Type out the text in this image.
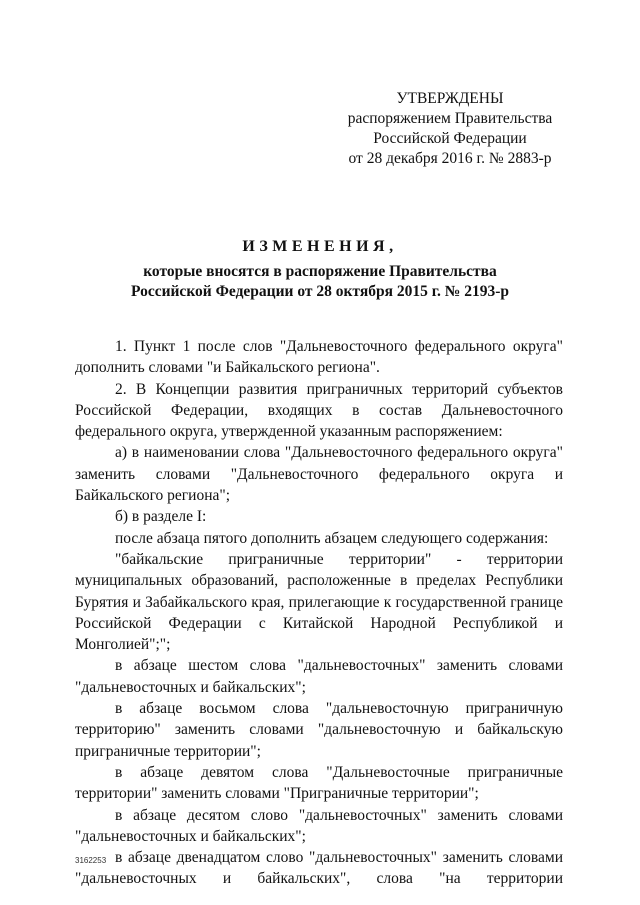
УТВЕРЖДЕНЫ
распоряжением Правительства
Российской Федерации
от 28 декабря 2016 г. № 2883-р
ИЗМЕНЕНИЯ,
которые вносятся в распоряжение Правительства
Российской Федерации от 28 октября 2015 г. № 2193-р

1. Пункт 1 после слов "Дальневосточного федерального округа" дополнить словами "и Байкальского региона".

2. В Концепции развития приграничных территорий субъектов Российской Федерации, входящих в состав Дальневосточного федерального округа, утвержденной указанным распоряжением:

а) в наименовании слова "Дальневосточного федерального округа" заменить словами "Дальневосточного федерального округа и Байкальского региона";

б) в разделе I:

после абзаца пятого дополнить абзацем следующего содержания:

"байкальские приграничные территории" - территории муниципальных образований, расположенные в пределах Республики Бурятия и Забайкальского края, прилегающие к государственной границе Российской Федерации с Китайской Народной Республикой и Монголией";";

в абзаце шестом слова "дальневосточных" заменить словами "дальневосточных и байкальских";

в абзаце восьмом слова "дальневосточную приграничную территорию" заменить словами "дальневосточную и байкальскую приграничные территории";

в абзаце девятом слова "Дальневосточные приграничные территории" заменить словами "Приграничные территории";

в абзаце десятом слово "дальневосточных" заменить словами "дальневосточных и байкальских";

в абзаце двенадцатом слово "дальневосточных" заменить словами "дальневосточных и байкальских", слова "на территории

3162253
